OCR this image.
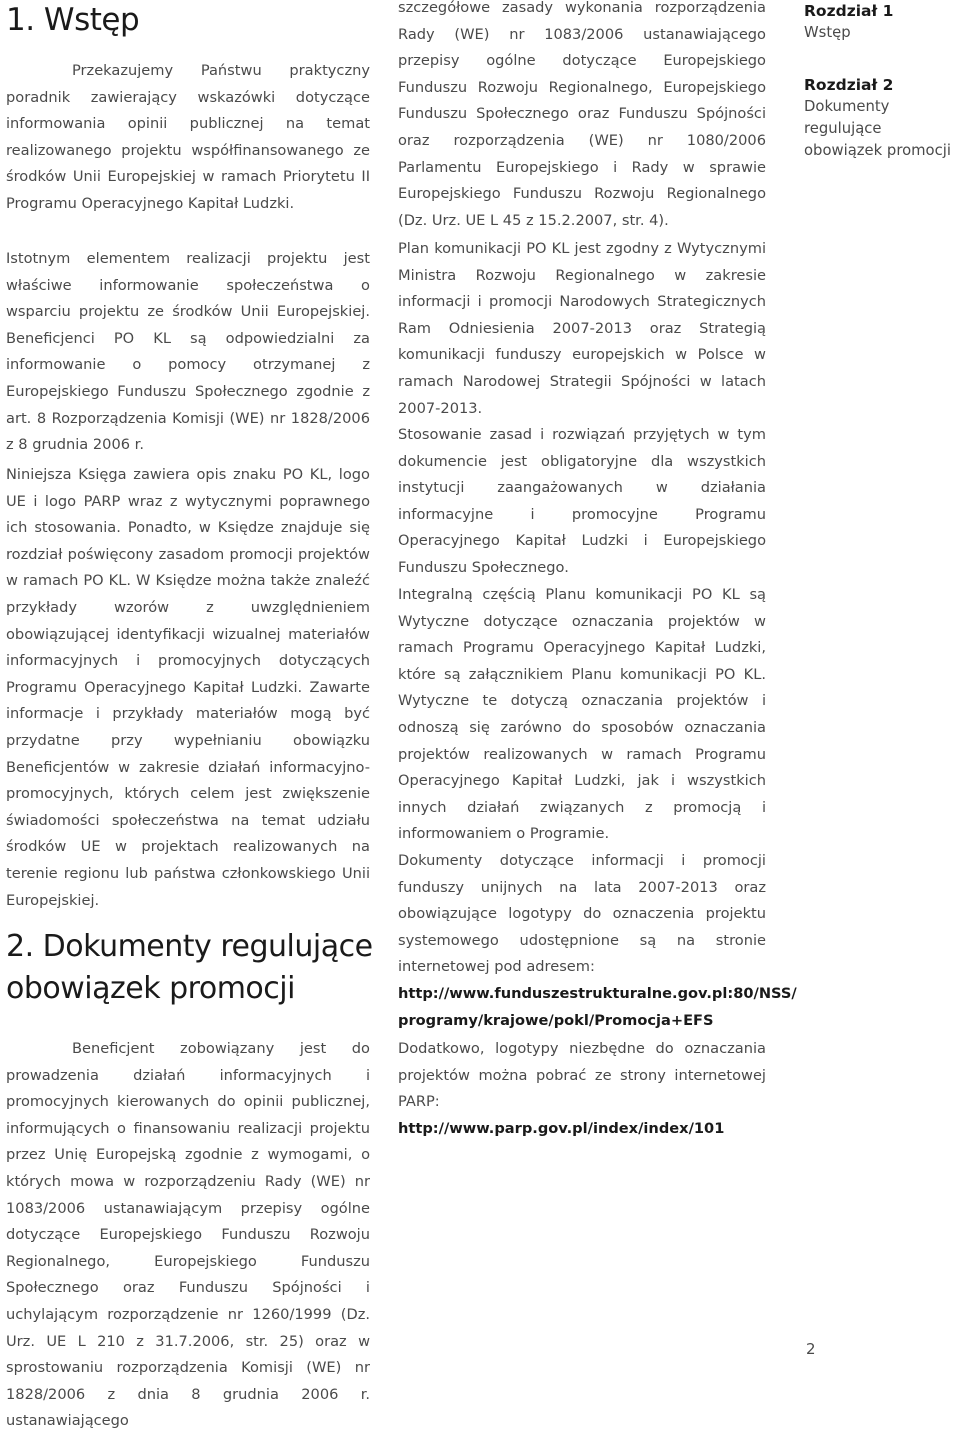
1. Wstęp

Przekazujemy Państwu praktyczny poradnik zawierający wskazówki dotyczące informowania opinii publicznej na temat realizowanego projektu współfinansowanego ze środków Unii Europejskiej w ramach Priorytetu II Programu Operacyjnego Kapitał Ludzki.

Istotnym elementem realizacji projektu jest właściwe informowanie społeczeństwa o wsparciu projektu ze środków Unii Europejskiej. Beneficjenci PO KL są odpowiedzialni za informowanie o pomocy otrzymanej z Europejskiego Funduszu Społecznego zgodnie z art. 8 Rozporządzenia Komisji (WE) nr 1828/2006 z 8 grudnia 2006 r.

Niniejsza Księga zawiera opis znaku PO KL, logo UE i logo PARP wraz z wytycznymi poprawnego ich stosowania. Ponadto, w Księdze znajduje się rozdział poświęcony zasadom promocji projektów w ramach PO KL. W Księdze można także znaleźć przykłady wzorów z uwzględnieniem obowiązującej identyfikacji wizualnej materiałów informacyjnych i promocyjnych dotyczących Programu Operacyjnego Kapitał Ludzki. Zawarte informacje i przykłady materiałów mogą być przydatne przy wypełnianiu obowiązku Beneficjentów w zakresie działań informacyjno-promocyjnych, których celem jest zwiększenie świadomości społeczeństwa na temat udziału środków UE w projektach realizowanych na terenie regionu lub państwa członkowskiego Unii Europejskiej.

2. Dokumenty regulujące obowiązek promocji

Beneficjent zobowiązany jest do prowadzenia działań informacyjnych i promocyjnych kierowanych do opinii publicznej, informujących o finansowaniu realizacji projektu przez Unię Europejską zgodnie z wymogami, o których mowa w rozporządzeniu Rady (WE) nr 1083/2006 ustanawiającym przepisy ogólne dotyczące Europejskiego Funduszu Rozwoju Regionalnego, Europejskiego Funduszu Społecznego oraz Funduszu Spójności i uchylającym rozporządzenie nr 1260/1999 (Dz. Urz. UE L 210 z 31.7.2006, str. 25) oraz w sprostowaniu rozporządzenia Komisji (WE) nr 1828/2006 z dnia 8 grudnia 2006 r. ustanawiającego

szczegółowe zasady wykonania rozporządzenia Rady (WE) nr 1083/2006 ustanawiającego przepisy ogólne dotyczące Europejskiego Funduszu Rozwoju Regionalnego, Europejskiego Funduszu Społecznego oraz Funduszu Spójności oraz rozporządzenia (WE) nr 1080/2006 Parlamentu Europejskiego i Rady w sprawie Europejskiego Funduszu Rozwoju Regionalnego (Dz. Urz. UE L 45 z 15.2.2007, str. 4).

Plan komunikacji PO KL jest zgodny z Wytycznymi Ministra Rozwoju Regionalnego w zakresie informacji i promocji Narodowych Strategicznych Ram Odniesienia 2007-2013 oraz Strategią komunikacji funduszy europejskich w Polsce w ramach Narodowej Strategii Spójności w latach 2007-2013.

Stosowanie zasad i rozwiązań przyjętych w tym dokumencie jest obligatoryjne dla wszystkich instytucji zaangażowanych w działania informacyjne i promocyjne Programu Operacyjnego Kapitał Ludzki i Europejskiego Funduszu Społecznego.

Integralną częścią Planu komunikacji PO KL są Wytyczne dotyczące oznaczania projektów w ramach Programu Operacyjnego Kapitał Ludzki, które są załącznikiem Planu komunikacji PO KL. Wytyczne te dotyczą oznaczania projektów i odnoszą się zarówno do sposobów oznaczania projektów realizowanych w ramach Programu Operacyjnego Kapitał Ludzki, jak i wszystkich innych działań związanych z promocją i informowaniem o Programie.

Dokumenty dotyczące informacji i promocji funduszy unijnych na lata 2007-2013 oraz obowiązujące logotypy do oznaczenia projektu systemowego udostępnione są na stronie internetowej pod adresem:

http://www.funduszestrukturalne.gov.pl:80/NSS/

programy/krajowe/pokl/Promocja+EFS

Dodatkowo, logotypy niezbędne do oznaczania projektów można pobrać ze strony internetowej PARP:

http://www.parp.gov.pl/index/index/101

Rozdział 1

Wstęp

Rozdział 2

Dokumenty regulujące obowiązek promocji

2
